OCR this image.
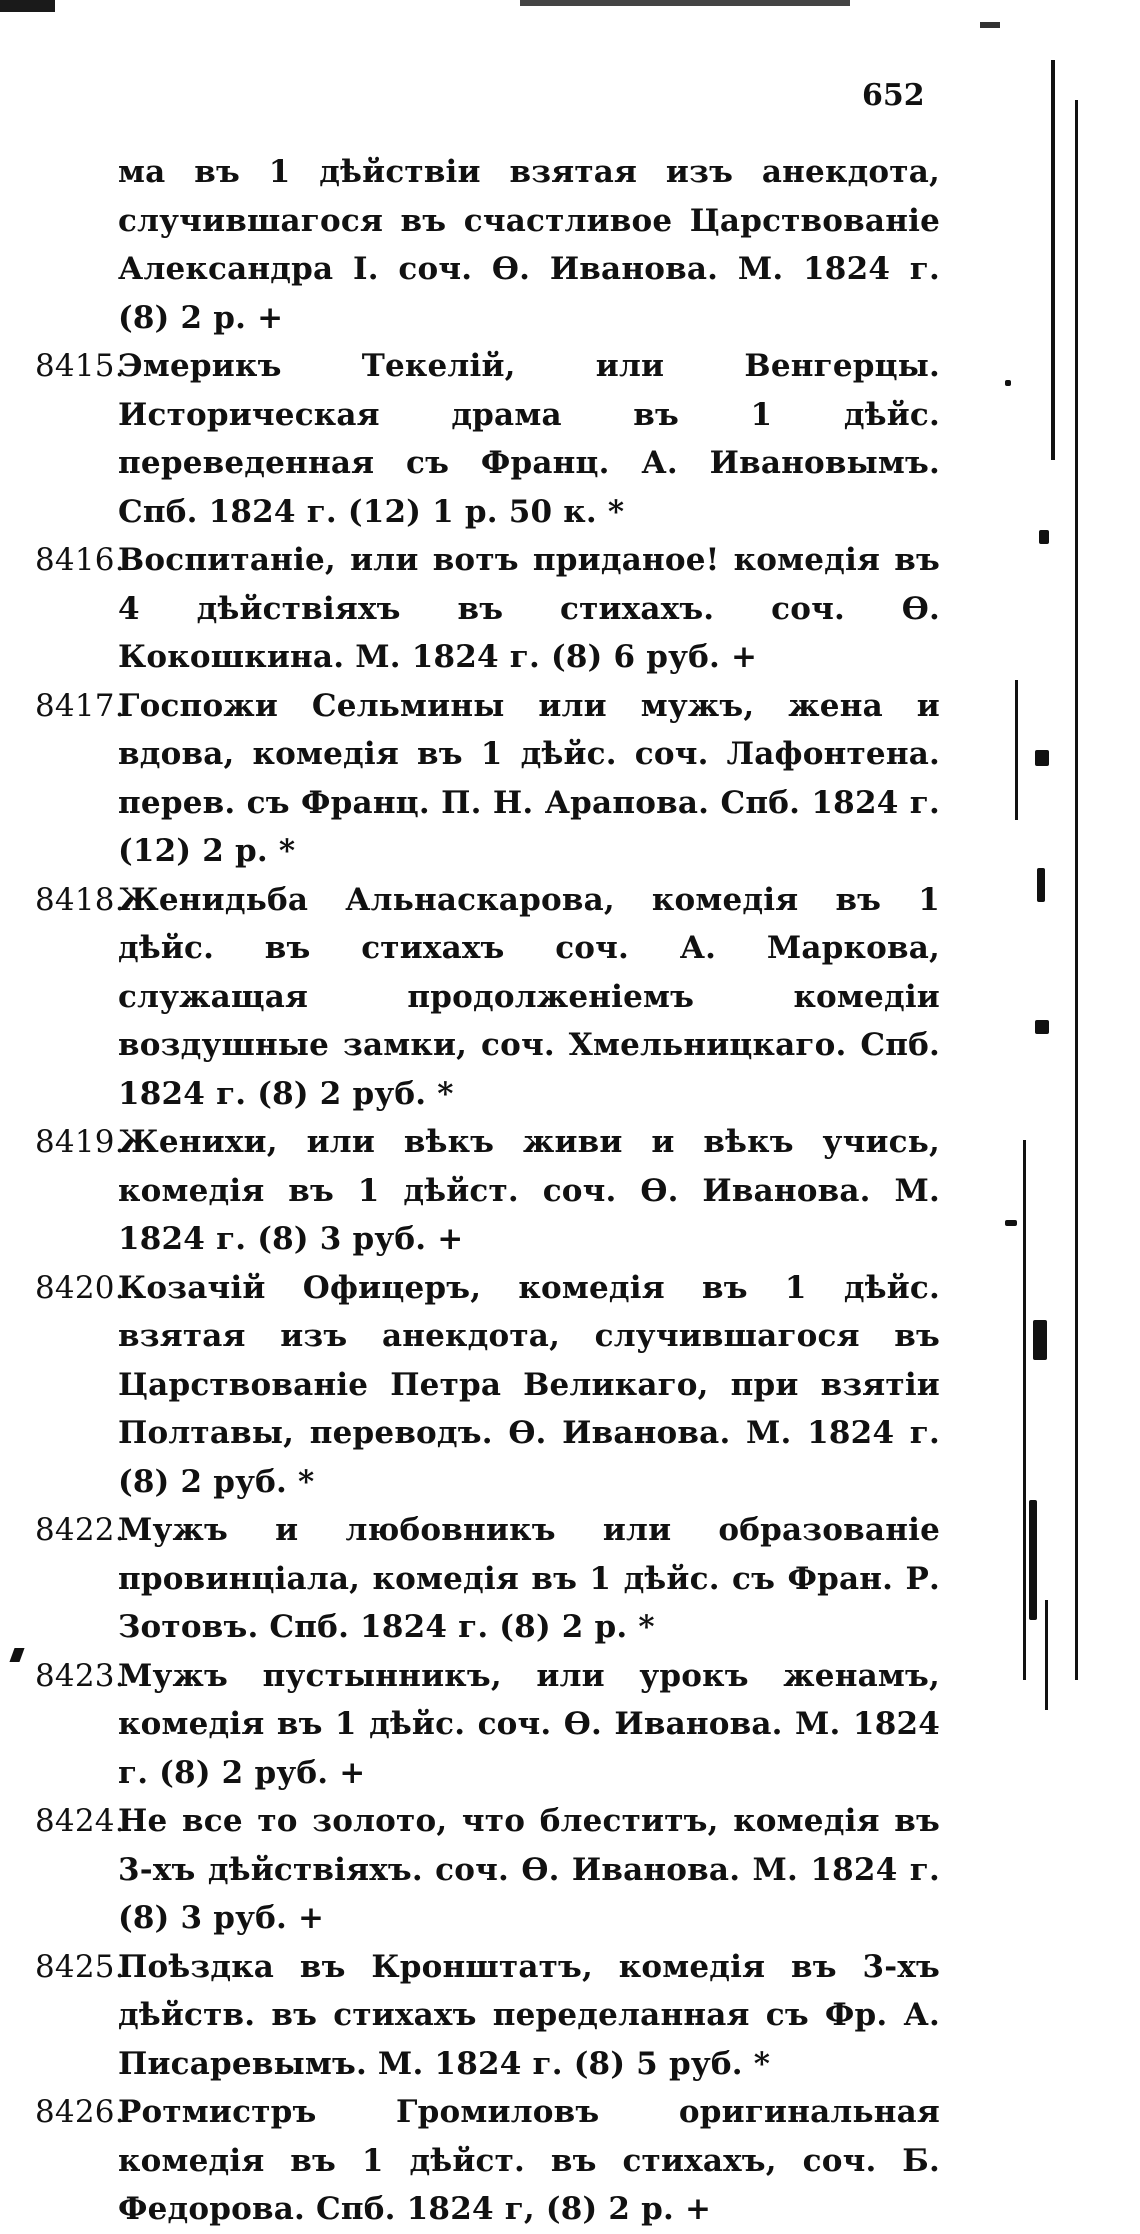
652
ма въ 1 дѣйствіи взятая изъ анекдота, случившагося въ счастливое Царствованіе Александра I. соч. Ѳ. Иванова. М. 1824 г. (8) 2 р. +
8415.
Эмерикъ Текелій, или Венгерцы. Историческая драма въ 1 дѣйс. переведенная съ Франц. А. Ивановымъ. Спб. 1824 г. (12) 1 р. 50 к. *
8416.
Воспитаніе, или вотъ приданое! комедія въ 4 дѣйствіяхъ въ стихахъ. соч. Ѳ. Кокошкина. М. 1824 г. (8) 6 руб. +
8417.
Госпожи Сельмины или мужъ, жена и вдова, комедія въ 1 дѣйс. соч. Лафонтена. перев. съ Франц. П. Н. Арапова. Спб. 1824 г. (12) 2 р. *
8418.
Женидьба Альнаскарова, комедія въ 1 дѣйс. въ стихахъ соч. А. Маркова, служащая продолженіемъ комедіи воздушные замки, соч. Хмельницкаго. Спб. 1824 г. (8) 2 руб. *
8419.
Женихи, или вѣкъ живи и вѣкъ учись, комедія въ 1 дѣйст. соч. Ѳ. Иванова. М. 1824 г. (8) 3 руб. +
8420.
Козачій Офицеръ, комедія въ 1 дѣйс. взятая изъ анекдота, случившагося въ Царствованіе Петра Великаго, при взятіи Полтавы, переводъ. Ѳ. Иванова. М. 1824 г. (8) 2 руб. *
8422.
Мужъ и любовникъ или образованіе провинціала, комедія въ 1 дѣйс. съ Фран. Р. Зотовъ. Спб. 1824 г. (8) 2 р. *
8423.
Мужъ пустынникъ, или урокъ женамъ, комедія въ 1 дѣйс. соч. Ѳ. Иванова. М. 1824 г. (8) 2 руб. +
8424.
Не все то золото, что блеститъ, комедія въ 3-хъ дѣйствіяхъ. соч. Ѳ. Иванова. М. 1824 г. (8) 3 руб. +
8425.
Поѣздка въ Кронштатъ, комедія въ 3-хъ дѣйств. въ стихахъ переделанная съ Фр. А. Писаревымъ. М. 1824 г. (8) 5 руб. *
8426.
Ротмистръ Громиловъ оригинальная комедія въ 1 дѣйст. въ стихахъ, соч. Б. Федорова. Спб. 1824 г, (8) 2 р. +
